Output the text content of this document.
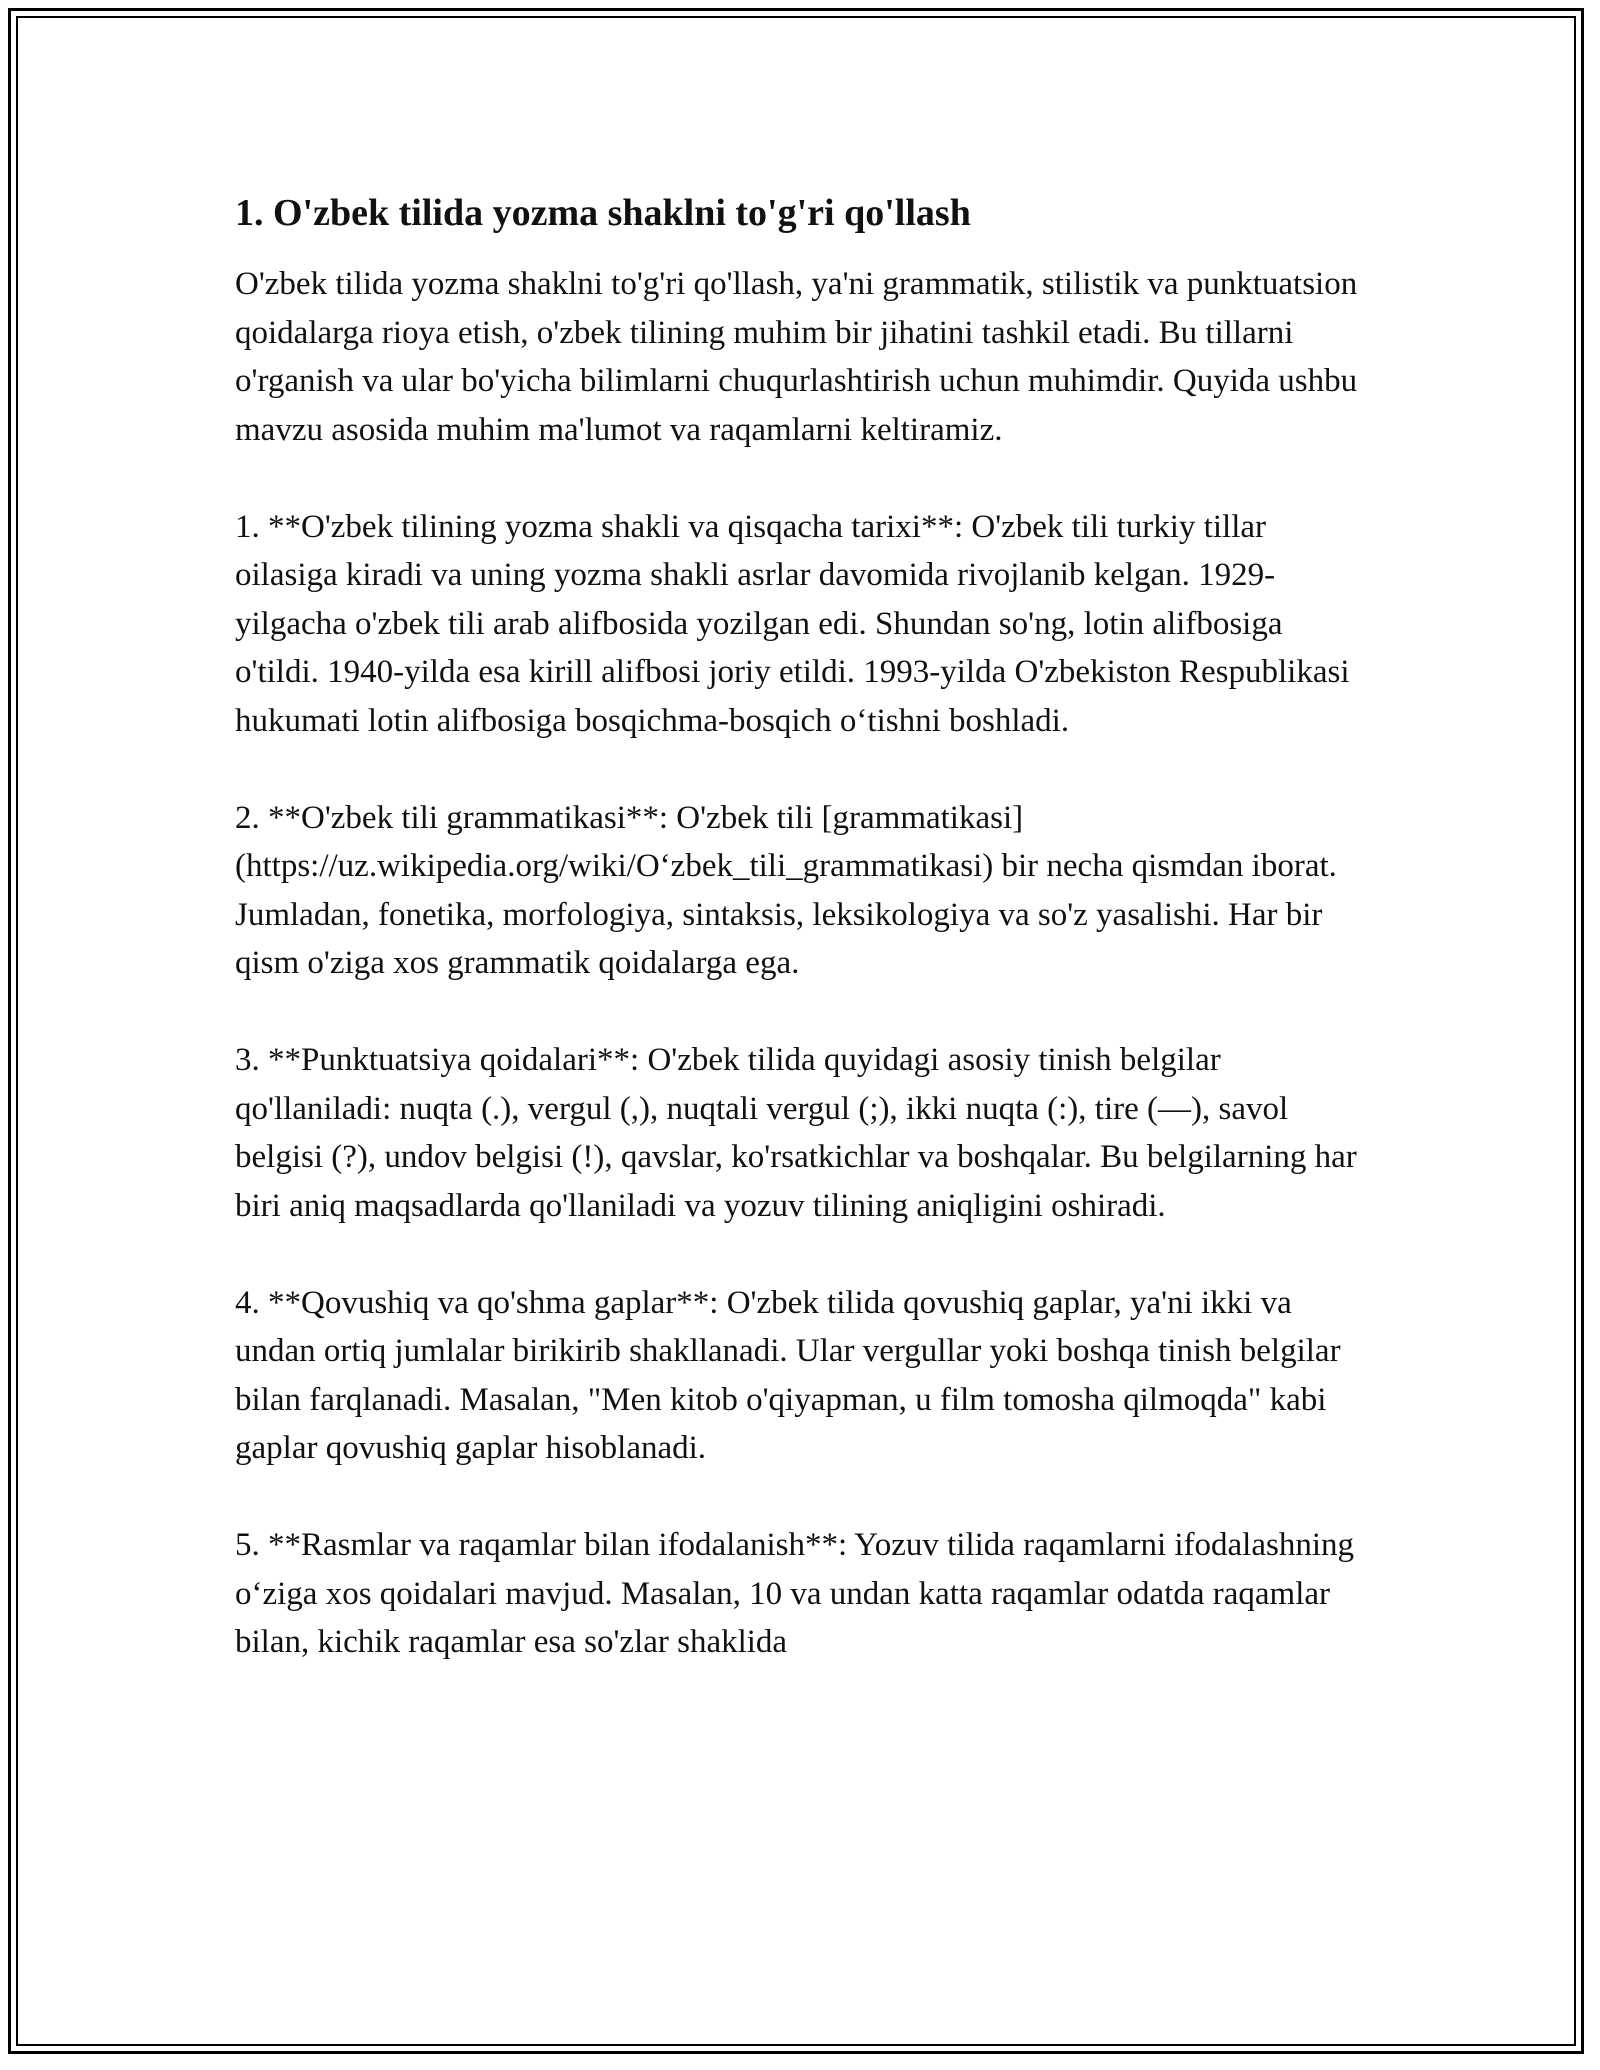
1. O'zbek tilida yozma shaklni to'g'ri qo'llash

O'zbek tilida yozma shaklni to'g'ri qo'llash, ya'ni grammatik, stilistik va punktuatsion qoidalarga rioya etish, o'zbek tilining muhim bir jihatini tashkil etadi. Bu tillarni o'rganish va ular bo'yicha bilimlarni chuqurlashtirish uchun muhimdir. Quyida ushbu mavzu asosida muhim ma'lumot va raqamlarni keltiramiz.

1. **O'zbek tilining yozma shakli va qisqacha tarixi**: O'zbek tili turkiy tillar oilasiga kiradi va uning yozma shakli asrlar davomida rivojlanib kelgan. 1929-yilgacha o'zbek tili arab alifbosida yozilgan edi. Shundan so'ng, lotin alifbosiga o'tildi. 1940-yilda esa kirill alifbosi joriy etildi. 1993-yilda O'zbekiston Respublikasi hukumati lotin alifbosiga bosqichma-bosqich o‘tishni boshladi.

2. **O'zbek tili grammatikasi**: O'zbek tili [grammatikasi](https://uz.wikipedia.org/wiki/O‘zbek_tili_grammatikasi) bir necha qismdan iborat. Jumladan, fonetika, morfologiya, sintaksis, leksikologiya va so'z yasalishi. Har bir qism o'ziga xos grammatik qoidalarga ega.

3. **Punktuatsiya qoidalari**: O'zbek tilida quyidagi asosiy tinish belgilar qo'llaniladi: nuqta (.), vergul (,), nuqtali vergul (;), ikki nuqta (:), tire (—), savol belgisi (?), undov belgisi (!), qavslar, ko'rsatkichlar va boshqalar. Bu belgilarning har biri aniq maqsadlarda qo'llaniladi va yozuv tilining aniqligini oshiradi.

4. **Qovushiq va qo'shma gaplar**: O'zbek tilida qovushiq gaplar, ya'ni ikki va undan ortiq jumlalar birikirib shakllanadi. Ular vergullar yoki boshqa tinish belgilar bilan farqlanadi. Masalan, "Men kitob o'qiyapman, u film tomosha qilmoqda" kabi gaplar qovushiq gaplar hisoblanadi.

5. **Rasmlar va raqamlar bilan ifodalanish**: Yozuv tilida raqamlarni ifodalashning o‘ziga xos qoidalari mavjud. Masalan, 10 va undan katta raqamlar odatda raqamlar bilan, kichik raqamlar esa so'zlar shaklida
